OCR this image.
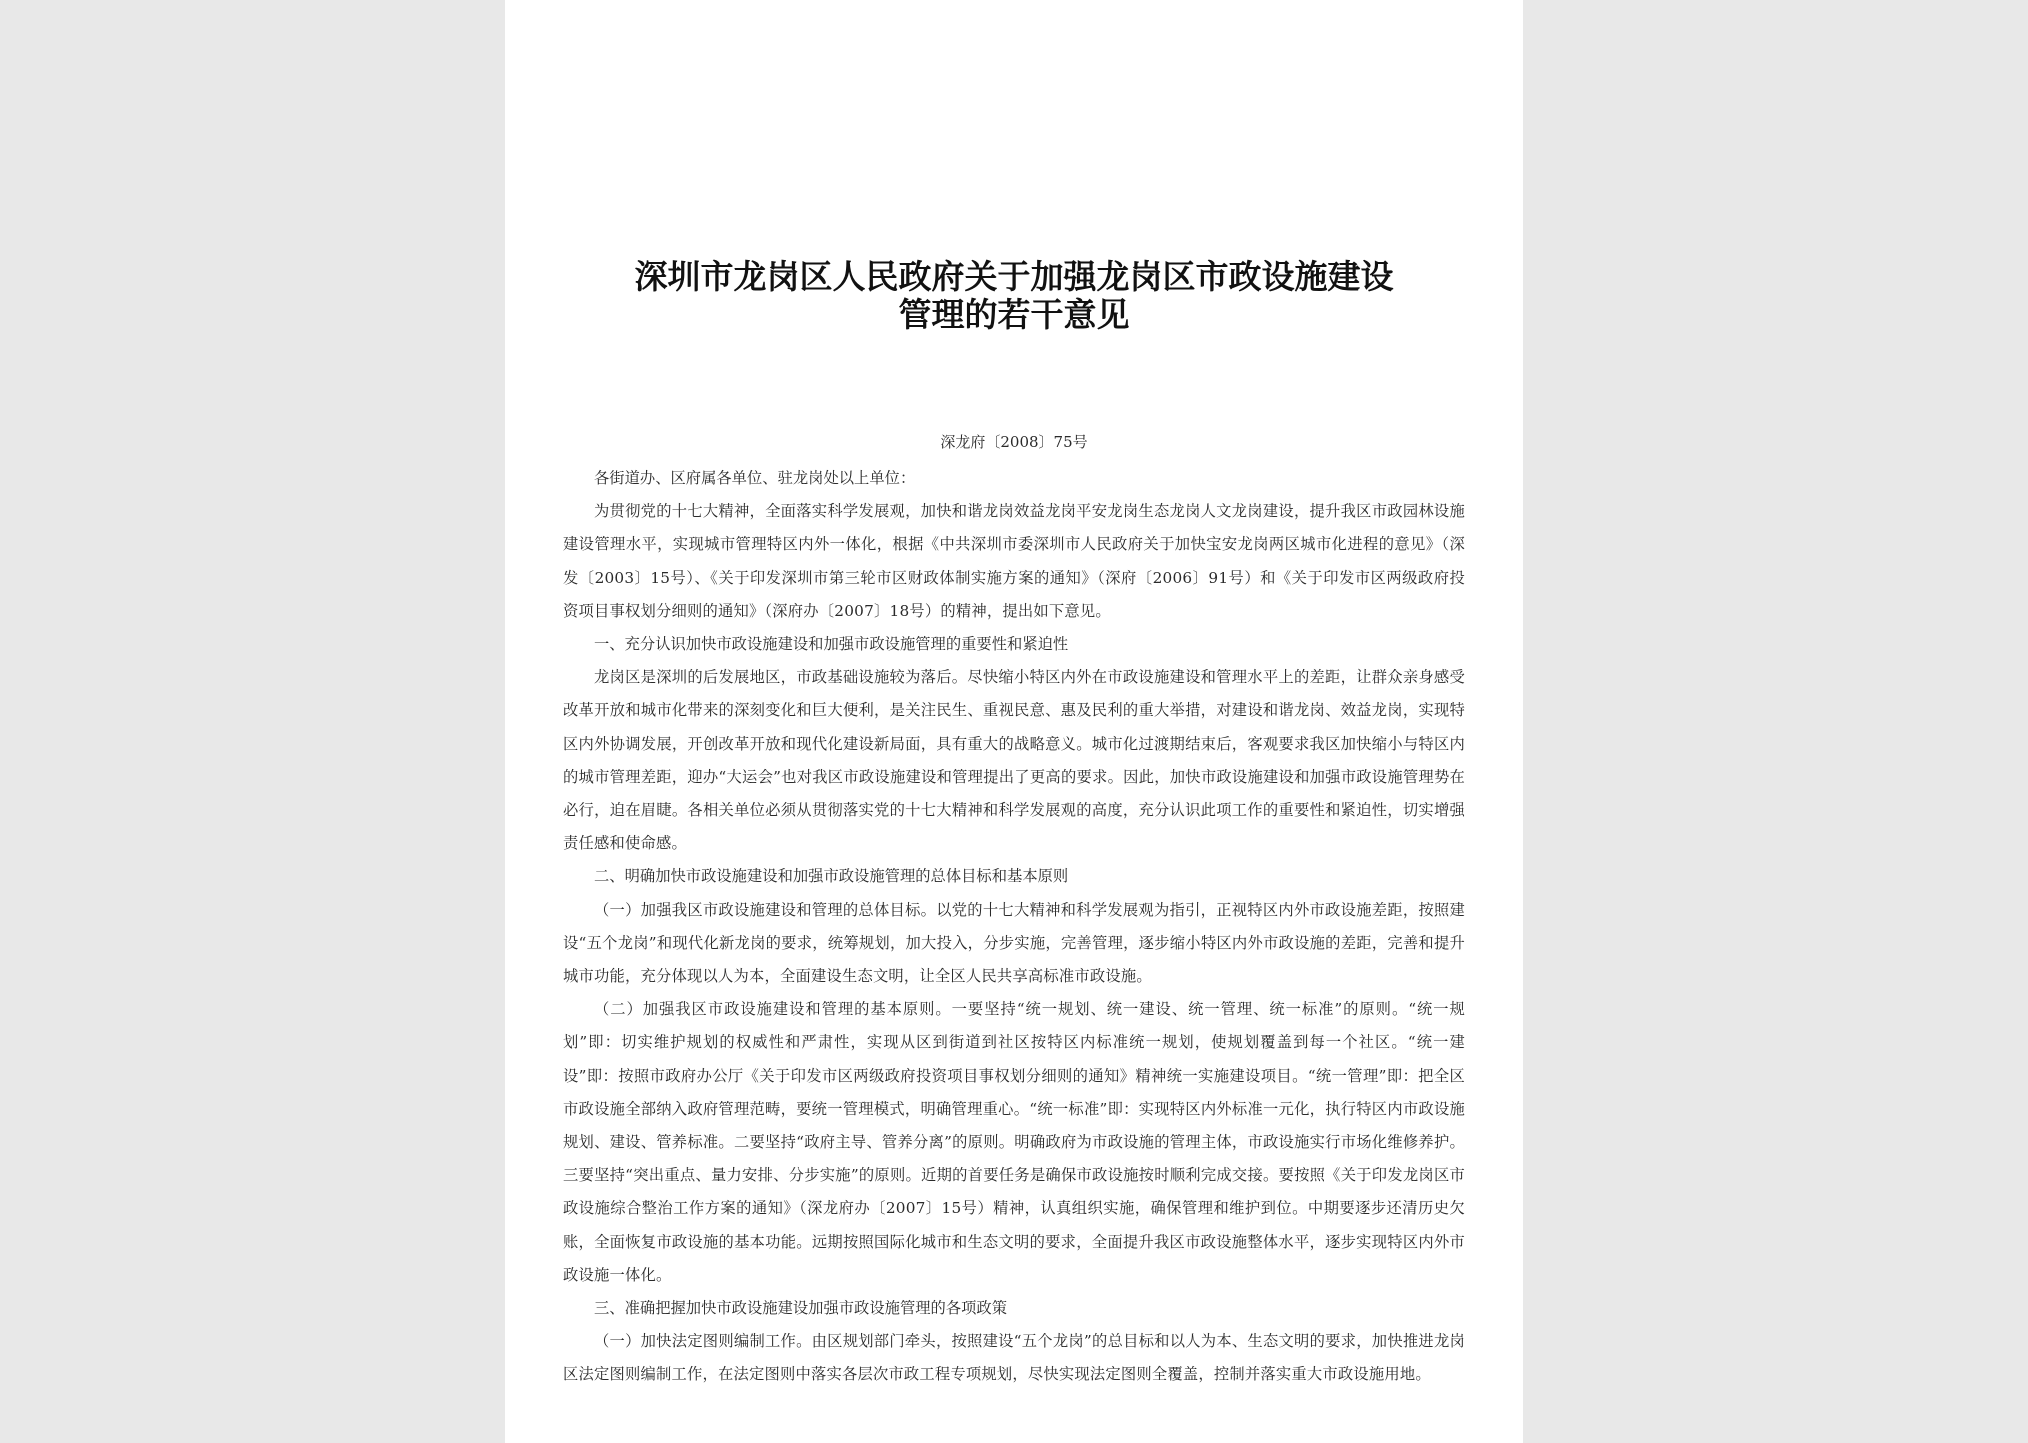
深圳市龙岗区人民政府关于加强龙岗区市政设施建设
管理的若干意见

深龙府〔2008〕75号

各街道办、区府属各单位、驻龙岗处以上单位：

为贯彻党的十七大精神，全面落实科学发展观，加快和谐龙岗效益龙岗平安龙岗生态龙岗人文龙岗建设，提升我区市政园林设施建设管理水平，实现城市管理特区内外一体化，根据《中共深圳市委深圳市人民政府关于加快宝安龙岗两区城市化进程的意见》（深发〔2003〕15号）、《关于印发深圳市第三轮市区财政体制实施方案的通知》（深府〔2006〕91号）和《关于印发市区两级政府投资项目事权划分细则的通知》（深府办〔2007〕18号）的精神，提出如下意见。

一、充分认识加快市政设施建设和加强市政设施管理的重要性和紧迫性

龙岗区是深圳的后发展地区，市政基础设施较为落后。尽快缩小特区内外在市政设施建设和管理水平上的差距，让群众亲身感受改革开放和城市化带来的深刻变化和巨大便利，是关注民生、重视民意、惠及民利的重大举措，对建设和谐龙岗、效益龙岗，实现特区内外协调发展，开创改革开放和现代化建设新局面，具有重大的战略意义。城市化过渡期结束后，客观要求我区加快缩小与特区内的城市管理差距，迎办“大运会”也对我区市政设施建设和管理提出了更高的要求。因此，加快市政设施建设和加强市政设施管理势在必行，迫在眉睫。各相关单位必须从贯彻落实党的十七大精神和科学发展观的高度，充分认识此项工作的重要性和紧迫性，切实增强责任感和使命感。

二、明确加快市政设施建设和加强市政设施管理的总体目标和基本原则

（一）加强我区市政设施建设和管理的总体目标。以党的十七大精神和科学发展观为指引，正视特区内外市政设施差距，按照建设“五个龙岗”和现代化新龙岗的要求，统筹规划，加大投入，分步实施，完善管理，逐步缩小特区内外市政设施的差距，完善和提升城市功能，充分体现以人为本，全面建设生态文明，让全区人民共享高标准市政设施。

（二）加强我区市政设施建设和管理的基本原则。一要坚持“统一规划、统一建设、统一管理、统一标准”的原则。“统一规划”即：切实维护规划的权威性和严肃性，实现从区到街道到社区按特区内标准统一规划，使规划覆盖到每一个社区。“统一建设”即：按照市政府办公厅《关于印发市区两级政府投资项目事权划分细则的通知》精神统一实施建设项目。“统一管理”即：把全区市政设施全部纳入政府管理范畴，要统一管理模式，明确管理重心。“统一标准”即：实现特区内外标准一元化，执行特区内市政设施规划、建设、管养标准。二要坚持“政府主导、管养分离”的原则。明确政府为市政设施的管理主体，市政设施实行市场化维修养护。三要坚持“突出重点、量力安排、分步实施”的原则。近期的首要任务是确保市政设施按时顺利完成交接。要按照《关于印发龙岗区市政设施综合整治工作方案的通知》（深龙府办〔2007〕15号）精神，认真组织实施，确保管理和维护到位。中期要逐步还清历史欠账，全面恢复市政设施的基本功能。远期按照国际化城市和生态文明的要求，全面提升我区市政设施整体水平，逐步实现特区内外市政设施一体化。

三、准确把握加快市政设施建设加强市政设施管理的各项政策

（一）加快法定图则编制工作。由区规划部门牵头，按照建设“五个龙岗”的总目标和以人为本、生态文明的要求，加快推进龙岗区法定图则编制工作，在法定图则中落实各层次市政工程专项规划，尽快实现法定图则全覆盖，控制并落实重大市政设施用地。
